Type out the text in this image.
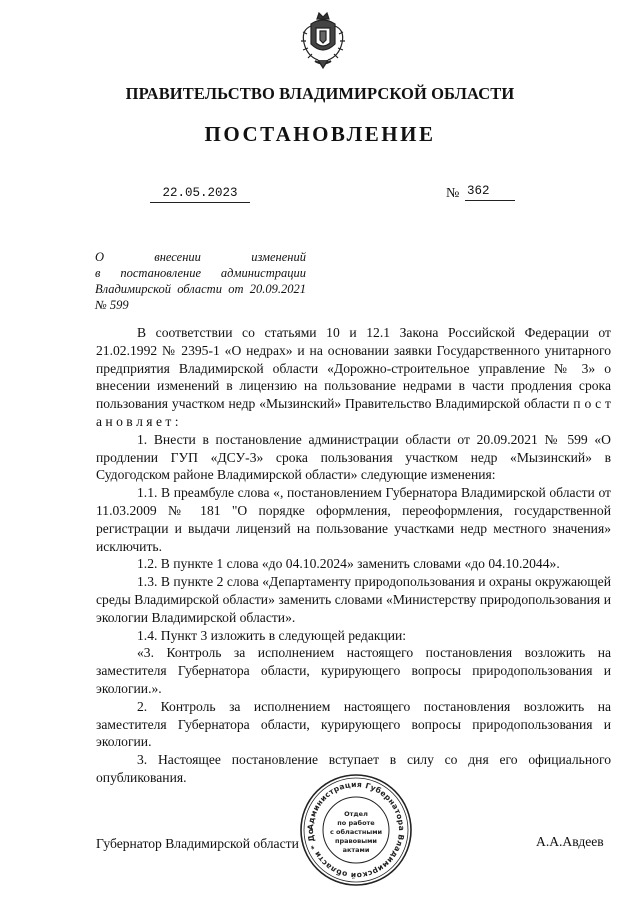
ПРАВИТЕЛЬСТВО ВЛАДИМИРСКОЙ ОБЛАСТИ
ПОСТАНОВЛЕНИЕ
22.05.2023	№ 362
О внесении изменений
в постановление администрации
Владимирской области от 20.09.2021
№ 599

В соответствии со статьями 10 и 12.1 Закона Российской Федерации от 21.02.1992 № 2395-1 «О недрах» и на основании заявки Государственного унитарного предприятия Владимирской области «Дорожно-строительное управление № 3» о внесении изменений в лицензию на пользование недрами в части продления срока пользования участком недр «Мызинский» Правительство Владимирской области п о с т а н о в л я е т :

1. Внести в постановление администрации области от 20.09.2021 № 599 «О продлении ГУП «ДСУ-3» срока пользования участком недр «Мызинский» в Судогодском районе Владимирской области» следующие изменения:

1.1. В преамбуле слова «, постановлением Губернатора Владимирской области от 11.03.2009 № 181 "О порядке оформления, переоформления, государственной регистрации и выдачи лицензий на пользование участками недр местного значения» исключить.

1.2. В пункте 1 слова «до 04.10.2024» заменить словами «до 04.10.2044».

1.3. В пункте 2 слова «Департаменту природопользования и охраны окружающей среды Владимирской области» заменить словами «Министерству природопользования и экологии Владимирской области».

1.4. Пункт 3 изложить в следующей редакции:

«3. Контроль за исполнением настоящего постановления возложить на заместителя Губернатора области, курирующего вопросы природопользования и экологии.».

2. Контроль за исполнением настоящего постановления возложить на заместителя Губернатора области, курирующего вопросы природопользования и экологии.

3. Настоящее постановление вступает в силу со дня его официального опубликования.

Губернатор Владимирской области	А.А.Авдеев
Администрация Губернатора Владимирской области * До
Отдел
по работе
с областными
правовыми
актами
